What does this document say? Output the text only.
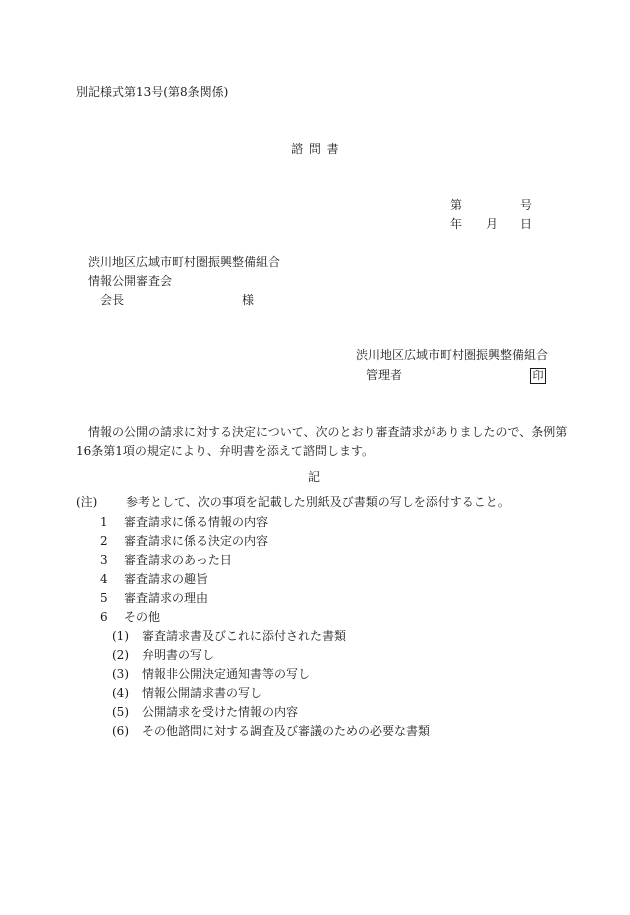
別記様式第13号(第8条関係)
諮 問 書
第	号
年 月 日
渋川地区広域市町村圏振興整備組合
情報公開審査会
会長	様
渋川地区広域市町村圏振興整備組合
管理者	印
情報の公開の請求に対する決定について、次のとおり審査請求がありましたので、条例第
16条第1項の規定により、弁明書を添えて諮問します。
記
(注) 参考として、次の事項を記載した別紙及び書類の写しを添付すること。
1 審査請求に係る情報の内容
2 審査請求に係る決定の内容
3 審査請求のあった日
4 審査請求の趣旨
5 審査請求の理由
6 その他
(1) 審査請求書及びこれに添付された書類
(2) 弁明書の写し
(3) 情報非公開決定通知書等の写し
(4) 情報公開請求書の写し
(5) 公開請求を受けた情報の内容
(6) その他諮問に対する調査及び審議のための必要な書類
